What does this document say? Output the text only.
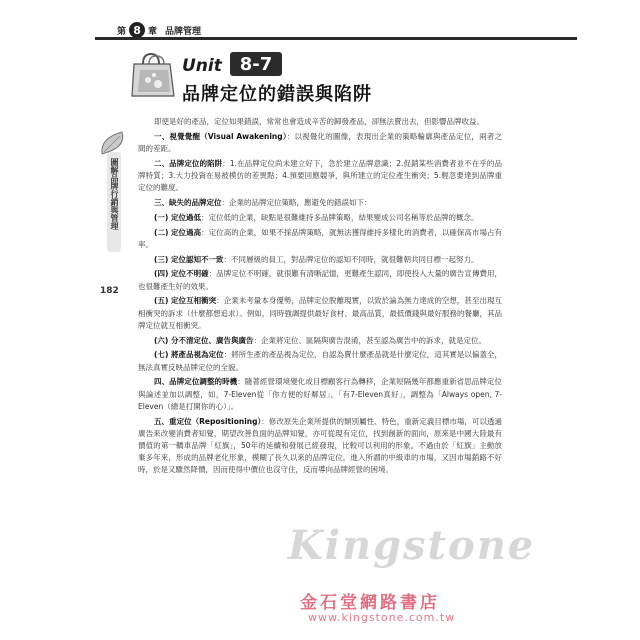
第 8 章 品牌管理
Unit 8-7
品牌定位的錯誤與陷阱
圖解品牌行銷與管理
182

即使是好的產品，定位如果錯誤，常常也會造成辛苦的歸發產品，卻無法賣出去，但影響品牌收益。

一、視覺覺醒（Visual Awakening）：以視覺化的圖像，表現出企業的策略輪廓與產品定位，兩者之間的差距。

二、品牌定位的陷阱：1.在品牌定位尚未建立好下，急於建立品牌意識；2.促銷某些消費者並不在乎的品牌特質；3.大力投資在易被模仿的差異點；4.預要回應競爭，與所建立的定位產生衝突；5.輕忽要達到品牌重定位的難度。

三、缺失的品牌定位：企業的品牌定位策略，應避免的錯誤如下：

(一) 定位過低：定位低的企業，缺點是很難維持多品牌策略，結果變成公司名稱等於品牌的概念。

(二) 定位過高：定位高的企業，如果不採品牌策略，就無法獲得維持多樣化的消費者，以確保高市場占有率。

(三) 定位認知不一致：不同層級的員工，對品牌定位的認知不同時，就很難朝共同目標一起努力。

(四) 定位不明確：品牌定位不明確，就很難有清晰記憶，更難產生認同，即使投入大量的廣告宣傳費用，也很難產生好的效果。

(五) 定位互相衝突：企業未考量本身優勢，品牌定位脫離現實，以致於論為無力達成的空想，甚至出現互相衝突的訴求（什麼都想追求）。例如，同時強調提供最好食材、最高品質，最低價錢與最好服務的餐廳，其品牌定位就互相衝突。

(六) 分不清定位、廣告與廣告：企業將定位、區隔與廣告混淆，甚至認為廣告中的訴求，就是定位。

(七) 將產品視為定位：將所生產的產品視為定位，自認為賣什麼產品就是什麼定位，這其實是以偏蓋全，無法真實反映品牌定位的全貌。

四、品牌定位調整的時機：隨著經營環境變化或目標顧客行為轉移，企業短隔幾年都應重新省思品牌定位與論述並加以調整，如，7-Eleven從「你方便的好鄰居」，「有7-Eleven真好」，調整為「Always open, 7-Eleven（總是打開你的心）」。

五、重定位（Repositioning）：修改原先企業所提供的類別屬性、特色，重新定義目標市場，可以透過廣告來改變消費者知覺，期望改善負面的品牌知覺，亦可從現有定位，找到創新的面向，原來是中國大陸最有價值的第一轎車品牌「紅旗」，50年的延續和發展已經發現，比較可以利用的形象。不過由於「紅旗」主動放棄多年來，形成的品牌老化形象，模糊了長久以來的品牌定位，進入所謂的中級車的市場，又因市場銷路不好時，於是又驟然降價，因而使得中價位也沒守住，反而導向品牌經營的困境。

Kingstone
金石堂網路書店
www.kingstone.com.tw
